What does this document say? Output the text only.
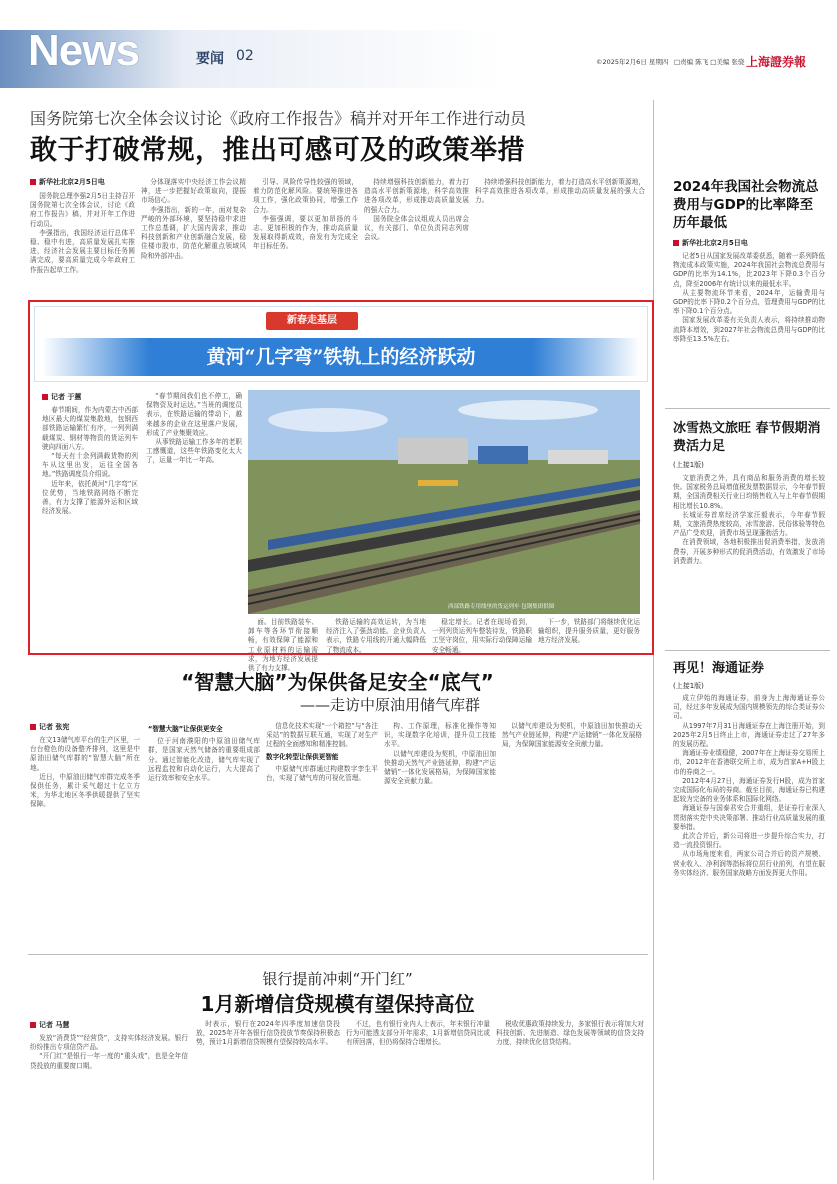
News	要闻 02	©2025年2月6日 星期四 □责编 陈飞 □美编 张骁 上海證券報
国务院第七次全体会议讨论《政府工作报告》稿并对开年工作进行动员
敢于打破常规，推出可感可及的政策举措
新华社北京2月5日电

国务院总理李强2月5日主持召开国务院第七次全体会议，讨论《政府工作报告》稿，并对开年工作进行动员。

李强指出，我国经济运行总体平稳、稳中有进，高质量发展扎实推进，经济社会发展主要目标任务圆满完成，要高质量完成今年政府工作报告起草工作。

分体现落实中央经济工作会议精神，进一步把握好政策取向，提振市场信心。

李强指出，新的一年，面对复杂严峻的外部环境，要坚持稳中求进工作总基调，扩大国内需求，推动科技创新和产业创新融合发展，稳住楼市股市，防范化解重点领域风险和外部冲击。

引导、风险传导性较强的领域，着力防范化解风险。要统筹推进各项工作，强化政策协同，增强工作合力。

李强强调，要以更加昂扬的斗志、更加积极的作为，推动高质量发展取得新成效，奋发有为完成全年目标任务。

持续增强科技创新能力，着力打造高水平创新策源地，科学高效推进各项改革，形成推动高质量发展的强大合力。

国务院全体会议组成人员出席会议，有关部门、单位负责同志列席会议。

持续增强科技创新能力，着力打造高水平创新策源地，科学高效推进各项改革，形成推动高质量发展的强大合力。

2024年我国社会物流总费用与GDP的比率降至历年最低
新华社北京2月5日电

记者5日从国家发展改革委获悉，随着一系列降低物流成本政策实施，2024年我国社会物流总费用与GDP的比率为14.1%，比2023年下降0.3个百分点，降至2006年有统计以来的最低水平。

从主要物流环节来看，2024年，运输费用与GDP的比率下降0.2个百分点，管理费用与GDP的比率下降0.1个百分点。

国家发展改革委有关负责人表示，将持续推动物流降本增效，到2027年社会物流总费用与GDP的比率降至13.5%左右。

新春走基层
黄河“几字弯”铁轨上的经济跃动
记者 于蕙

春节期间，作为内蒙古中西部地区最大的煤炭集散地，包钢西部铁路运输繁忙有序，一列列满载煤炭、钢材等物资的货运列车驶向四面八方。

“每天有十余列满载货物的列车从这里出发，运往全国各地。”铁路调度员介绍说。

近年来，依托黄河“几字弯”区位优势，当地铁路网络不断完善，有力支撑了能源外运和区域经济发展。

“春节期间我们也不停工，确保物资及时运达。”当班的调度员表示，在铁路运输的带动下，越来越多的企业在这里落户发展，形成了产业集聚效应。

从事铁路运输工作多年的老职工感慨道，这些年铁路变化太大了，运量一年比一年高。

西部铁路专用线里的货运列车 包钢集团供图

面。目前铁路装车、卸车等各环节衔接顺畅，有效保障了能源和工业原材料的运输需求，为地方经济发展提供了有力支撑。

铁路运输的高效运转，为当地经济注入了强劲动能。企业负责人表示，铁路专用线的开通大幅降低了物流成本。

稳定增长。记者在现场看到，一列列货运列车整装待发，铁路职工坚守岗位，用实际行动保障运输安全畅通。

下一步，铁路部门将继续优化运输组织，提升服务质量，更好服务地方经济发展。

冰雪热文旅旺 春节假期消费活力足
(上接1版)

文旅消费之外，具有商品和服务消费的增长较快。国家税务总局增值税发票数据显示，今年春节假期，全国消费相关行业日均销售收入与上年春节假期相比增长10.8%。

长城证券首席经济学家汪毅表示，今年春节假期，文旅消费热度较高，冰雪旅游、民俗体验等特色产品广受欢迎，消费市场呈现蓬勃活力。

在消费领域，各地积极推出促消费举措，发放消费券，开展多种形式的促消费活动，有效激发了市场消费潜力。

再见！海通证券
(上接1版)

成立伊始的海通证券，前身为上海海通证券公司，经过多年发展成为国内规模领先的综合类证券公司。

从1997年7月31日海通证券在上海注册开始，到2025年2月5日终止上市，海通证券走过了27年多的发展历程。

海通证券业绩稳健，2007年在上海证券交易所上市，2012年在香港联交所上市，成为首家A+H股上市的券商之一。

2012年4月27日，海通证券发行H股，成为首家完成国际化布局的券商。截至目前，海通证券已构建起较为完备的业务体系和国际化网络。

海通证券与国泰君安合并重组，是证券行业深入贯彻落实党中央决策部署、推动行业高质量发展的重要举措。

此次合并后，新公司将进一步提升综合实力，打造一流投资银行。

从市场角度来看，两家公司合并后的资产规模、营业收入、净利润等指标将位居行业前列，有望在服务实体经济、服务国家战略方面发挥更大作用。

“智慧大脑”为保供备足安全“底气”
——走访中原油用储气库群
记者 张宪

在文13储气库平台的生产区里，一台台橙色的设备整齐排列，这里是中原油田储气库群的“智慧大脑”所在地。

近日，中原油田储气库群完成冬季保供任务，累计采气超过十亿立方米，为华北地区冬季供暖提供了坚实保障。

“智慧大脑”让保供更安全

位于河南濮阳的中原油田储气库群，是国家天然气储备的重要组成部分。通过智能化改造，储气库实现了远程监控和自动化运行，大大提高了运行效率和安全水平。

信息化技术实现“一个箱控”与“各注采站”的数据互联互通，实现了对生产过程的全面感知和精准控制。

数字化转型让保供更智能

中原储气库群通过构建数字孪生平台，实现了储气库的可视化管理。

构、工作原理，标准化操作等知识，实现数字化培训，提升员工技能水平。

以储气库建设为契机，中原油田加快推动天然气产业链延伸，构建“产运储销”一体化发展格局，为保障国家能源安全贡献力量。

以储气库建设为契机，中原油田加快推动天然气产业链延伸，构建“产运储销”一体化发展格局，为保障国家能源安全贡献力量。

银行提前冲刺“开门红”
1月新增信贷规模有望保持高位
记者 马慧

发放“消费贷”“经营贷”，支持实体经济发展。银行纷纷推出专项信贷产品。

“开门红”是银行一年一度的“重头戏”，也是全年信贷投放的重要窗口期。

时表示，银行在2024年四季度加速信贷投放，2025年开年各银行信贷投放节奏保持积极态势，预计1月新增信贷规模有望保持较高水平。

不过，也有银行业内人士表示，年末银行冲量行为可能透支部分开年需求，1月新增信贷同比或有所回落，但仍将保持合理增长。

税收优惠政策持续发力，多家银行表示将加大对科技创新、先进制造、绿色发展等领域的信贷支持力度，持续优化信贷结构。
